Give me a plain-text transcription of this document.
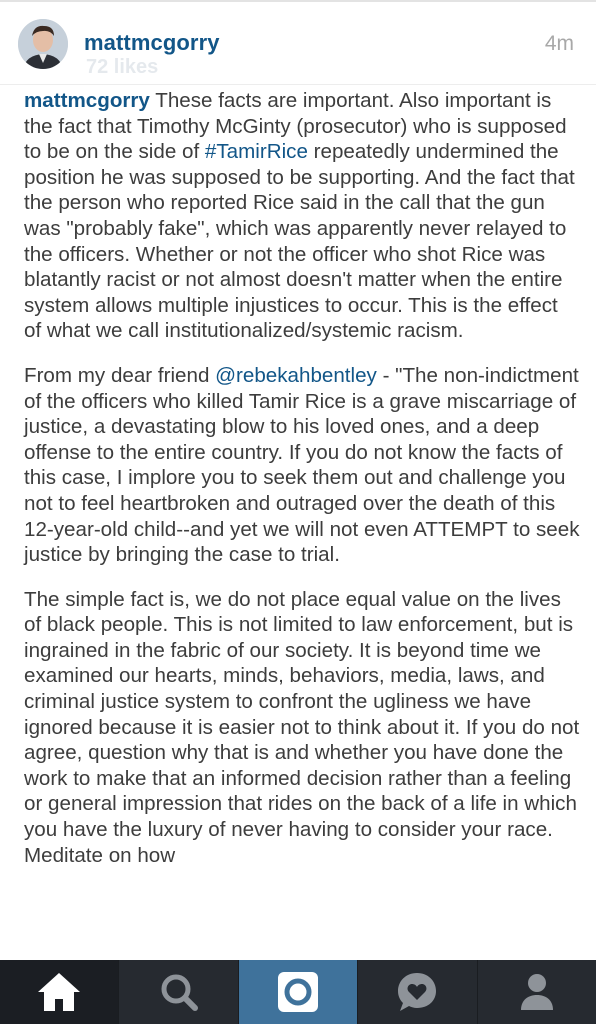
mattmcgorry	4m
72 likes

mattmcgorry These facts are important. Also important is the fact that Timothy McGinty (prosecutor) who is supposed to be on the side of #TamirRice repeatedly undermined the position he was supposed to be supporting. And the fact that the person who reported Rice said in the call that the gun was "probably fake", which was apparently never relayed to the officers. Whether or not the officer who shot Rice was blatantly racist or not almost doesn't matter when the entire system allows multiple injustices to occur. This is the effect of what we call institutionalized/systemic racism.

From my dear friend @rebekahbentley - "The non-indictment of the officers who killed Tamir Rice is a grave miscarriage of justice, a devastating blow to his loved ones, and a deep offense to the entire country. If you do not know the facts of this case, I implore you to seek them out and challenge you not to feel heartbroken and outraged over the death of this 12-year-old child--and yet we will not even ATTEMPT to seek justice by bringing the case to trial.

The simple fact is, we do not place equal value on the lives of black people. This is not limited to law enforcement, but is ingrained in the fabric of our society. It is beyond time we examined our hearts, minds, behaviors, media, laws, and criminal justice system to confront the ugliness we have ignored because it is easier not to think about it. If you do not agree, question why that is and whether you have done the work to make that an informed decision rather than a feeling or general impression that rides on the back of a life in which you have the luxury of never having to consider your race. Meditate on how
